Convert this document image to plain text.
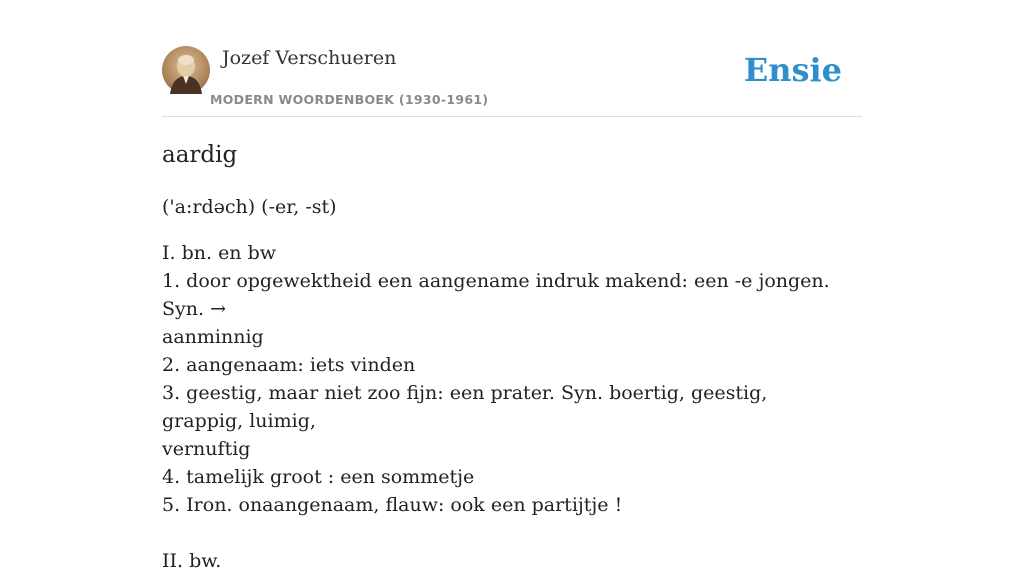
Jozef Verschueren
MODERN WOORDENBOEK (1930-1961)
Ensie
aardig
('a:rdəch) (-er, -st)
I. bn. en bw
1. door opgewektheid een aangename indruk makend: een -e jongen. Syn. →
aanminnig
2. aangenaam: iets vinden
3. geestig, maar niet zoo fijn: een prater. Syn. boertig, geestig, grappig, luimig,
vernuftig
4. tamelijk groot : een sommetje
5. Iron. onaangenaam, flauw: ook een partijtje !
II. bw.
